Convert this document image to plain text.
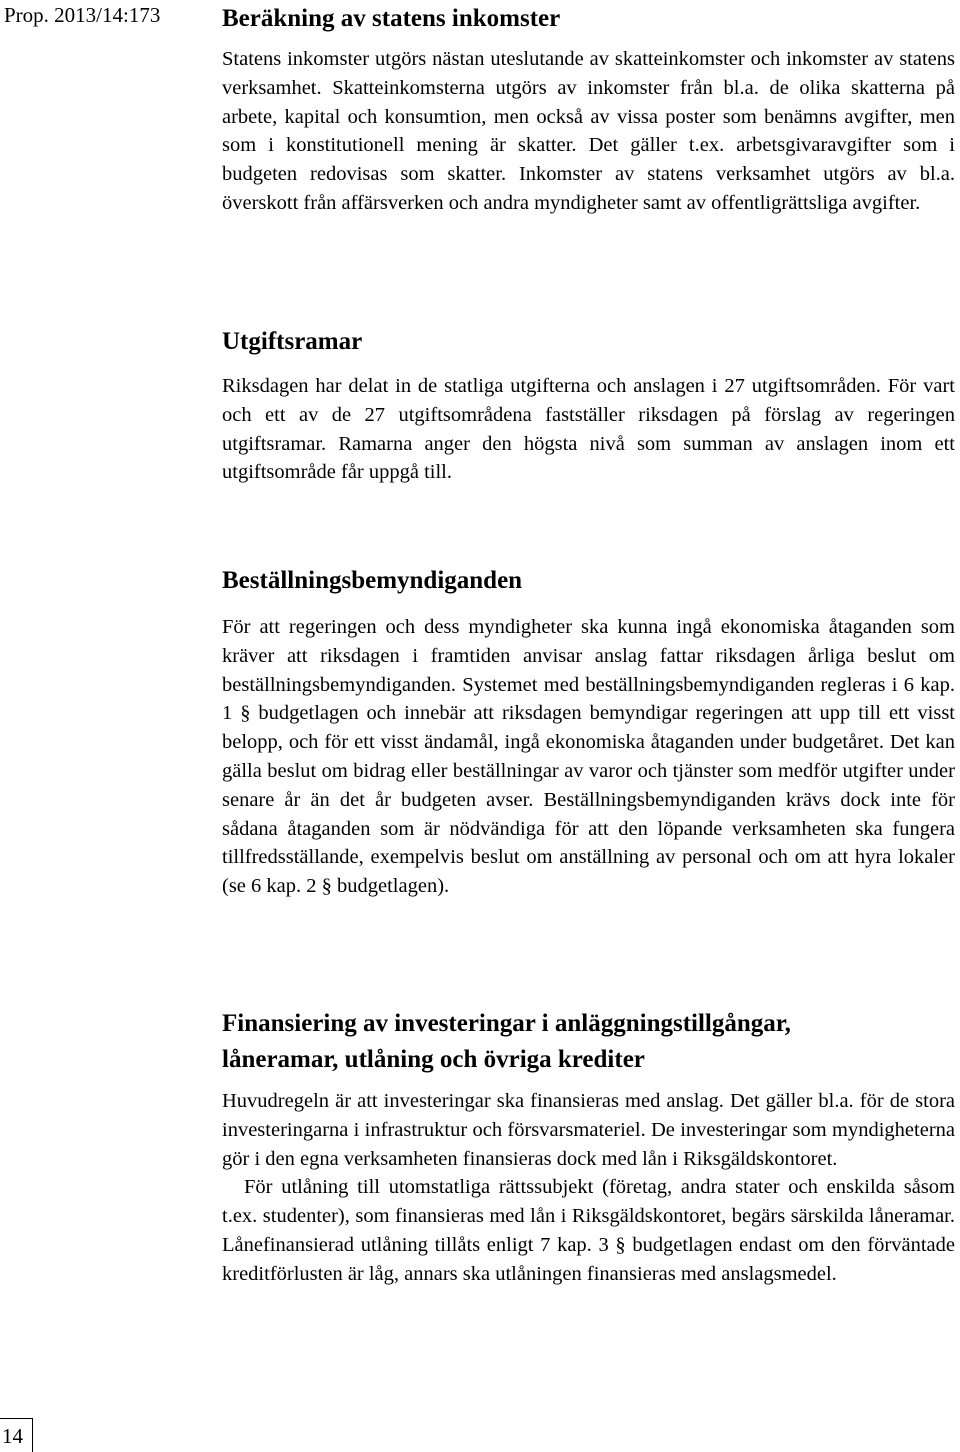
Prop. 2013/14:173 Beräkning av statens inkomster

Statens inkomster utgörs nästan uteslutande av skatteinkomster och inkomster av statens verksamhet. Skatteinkomsterna utgörs av inkomster från bl.a. de olika skatterna på arbete, kapital och konsumtion, men också av vissa poster som benämns avgifter, men som i konstitutionell mening är skatter. Det gäller t.ex. arbetsgivaravgifter som i budgeten redovisas som skatter. Inkomster av statens verksamhet utgörs av bl.a. överskott från affärsverken och andra myndigheter samt av offentligrättsliga avgifter.

Utgiftsramar

Riksdagen har delat in de statliga utgifterna och anslagen i 27 utgiftsområden. För vart och ett av de 27 utgiftsområdena fastställer riksdagen på förslag av regeringen utgiftsramar. Ramarna anger den högsta nivå som summan av anslagen inom ett utgiftsområde får uppgå till.

Beställningsbemyndiganden

För att regeringen och dess myndigheter ska kunna ingå ekonomiska åtaganden som kräver att riksdagen i framtiden anvisar anslag fattar riksdagen årliga beslut om beställningsbemyndiganden. Systemet med beställningsbemyndiganden regleras i 6 kap. 1 § budgetlagen och innebär att riksdagen bemyndigar regeringen att upp till ett visst belopp, och för ett visst ändamål, ingå ekonomiska åtaganden under budgetåret. Det kan gälla beslut om bidrag eller beställningar av varor och tjänster som medför utgifter under senare år än det år budgeten avser. Beställningsbemyndiganden krävs dock inte för sådana åtaganden som är nödvändiga för att den löpande verksamheten ska fungera tillfredsställande, exempelvis beslut om anställning av personal och om att hyra lokaler (se 6 kap. 2 § budgetlagen).

Finansiering av investeringar i anläggningstillgångar,
låneramar, utlåning och övriga krediter

Huvudregeln är att investeringar ska finansieras med anslag. Det gäller bl.a. för de stora investeringarna i infrastruktur och försvarsmateriel. De investeringar som myndigheterna gör i den egna verksamheten finansieras dock med lån i Riksgäldskontoret.

För utlåning till utomstatliga rättssubjekt (företag, andra stater och enskilda såsom t.ex. studenter), som finansieras med lån i Riksgäldskontoret, begärs särskilda låneramar. Lånefinansierad utlåning tillåts enligt 7 kap. 3 § budgetlagen endast om den förväntade kreditförlusten är låg, annars ska utlåningen finansieras med anslagsmedel.

14
